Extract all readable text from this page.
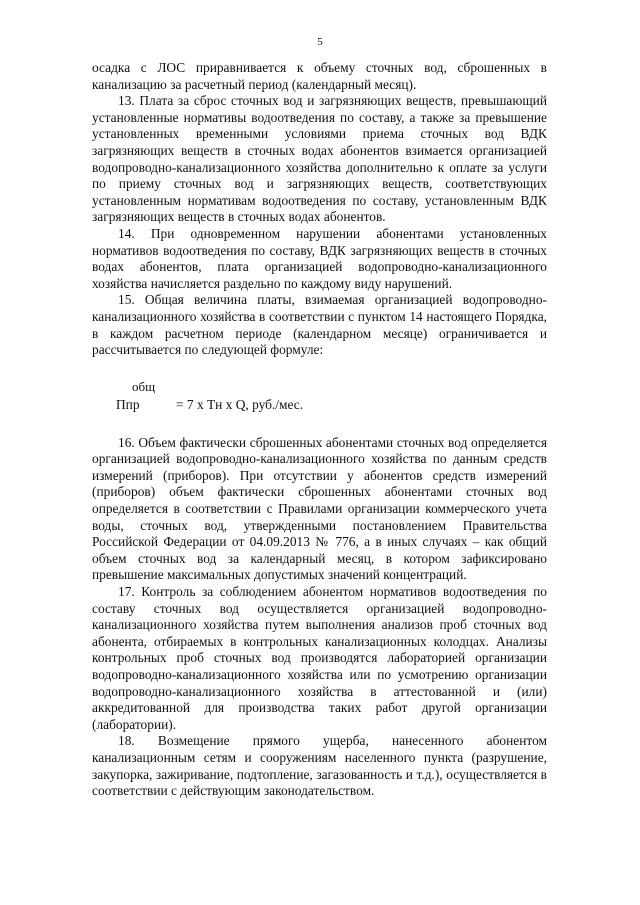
5

осадка с ЛОС приравнивается к объему сточных вод, сброшенных в канализацию за расчетный период (календарный месяц).

13. Плата за сброс сточных вод и загрязняющих веществ, превышающий установленные нормативы водоотведения по составу, а также за превышение установленных временными условиями приема сточных вод ВДК загрязняющих веществ в сточных водах абонентов взимается организацией водопроводно-канализационного хозяйства дополнительно к оплате за услуги по приему сточных вод и загрязняющих веществ, соответствующих установленным нормативам водоотведения по составу, установленным ВДК загрязняющих веществ в сточных водах абонентов.

14. При одновременном нарушении абонентами установленных нормативов водоотведения по составу, ВДК загрязняющих веществ в сточных водах абонентов, плата организацией водопроводно-канализационного хозяйства начисляется раздельно по каждому виду нарушений.

15. Общая величина платы, взимаемая организацией водопроводно-канализационного хозяйства в соответствии с пунктом 14 настоящего Порядка, в каждом расчетном периоде (календарном месяце) ограничивается и рассчитывается по следующей формуле:

общ
Ппр	= 7 x Тн x Q, руб./мес.

16. Объем фактически сброшенных абонентами сточных вод определяется организацией водопроводно-канализационного хозяйства по данным средств измерений (приборов). При отсутствии у абонентов средств измерений (приборов) объем фактически сброшенных абонентами сточных вод определяется в соответствии с Правилами организации коммерческого учета воды, сточных вод, утвержденными постановлением Правительства Российской Федерации от 04.09.2013 № 776, а в иных случаях – как общий объем сточных вод за календарный месяц, в котором зафиксировано превышение максимальных допустимых значений концентраций.

17. Контроль за соблюдением абонентом нормативов водоотведения по составу сточных вод осуществляется организацией водопроводно-канализационного хозяйства путем выполнения анализов проб сточных вод абонента, отбираемых в контрольных канализационных колодцах. Анализы контрольных проб сточных вод производятся лабораторией организации водопроводно-канализационного хозяйства или по усмотрению организации водопроводно-канализационного хозяйства в аттестованной и (или) аккредитованной для производства таких работ другой организации (лаборатории).

18. Возмещение прямого ущерба, нанесенного абонентом канализационным сетям и сооружениям населенного пункта (разрушение, закупорка, зажиривание, подтопление, загазованность и т.д.), осуществляется в соответствии с действующим законодательством.
